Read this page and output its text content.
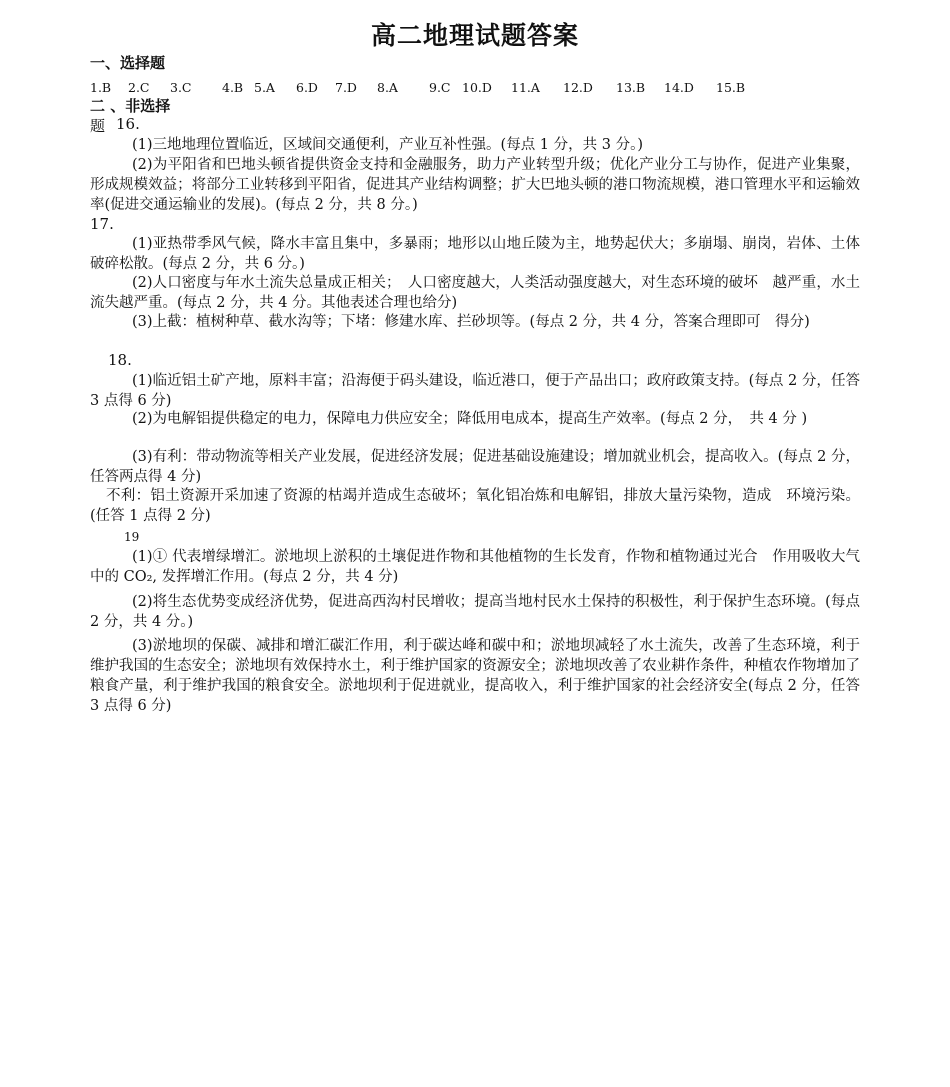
高二地理试题答案
一、选择题
1.B 2.C 3.C 4.B 5.A 6.D 7.D 8.A 9.C 10.D 11.A 12.D 13.B 14.D 15.B
二 、非选择
题 16.

(1)三地地理位置临近，区域间交通便利，产业互补性强。(每点 1 分，共 3 分。)

(2)为平阳省和巴地头顿省提供资金支持和金融服务，助力产业转型升级；优化产业分工与协作，促进产业集聚，形成规模效益；将部分工业转移到平阳省，促进其产业结构调整；扩大巴地头顿的港口物流规模，港口管理水平和运输效率(促进交通运输业的发展)。(每点 2 分，共 8 分。)

17.

(1)亚热带季风气候，降水丰富且集中，多暴雨；地形以山地丘陵为主，地势起伏大；多崩塌、崩岗，岩体、土体破碎松散。(每点 2 分，共 6 分。)

(2)人口密度与年水土流失总量成正相关；　人口密度越大，人类活动强度越大，对生态环境的破坏　越严重，水土流失越严重。(每点 2 分，共 4 分。其他表述合理也给分)

(3)上截：植树种草、截水沟等；下堵：修建水库、拦砂坝等。(每点 2 分，共 4 分，答案合理即可　得分)

18.

(1)临近铝土矿产地，原料丰富；沿海便于码头建设，临近港口，便于产品出口；政府政策支持。(每点 2 分，任答 3 点得 6 分)

(2)为电解铝提供稳定的电力，保障电力供应安全；降低用电成本，提高生产效率。(每点 2 分，　共 4 分 )

(3)有利：带动物流等相关产业发展，促进经济发展；促进基础设施建设；增加就业机会，提高收入。(每点 2 分，任答两点得 4 分)

不利：铝土资源开采加速了资源的枯竭并造成生态破坏；氧化铝冶炼和电解铝，排放大量污染物，造成　环境污染。(任答 1 点得 2 分)

19

(1)① 代表增绿增汇。淤地坝上淤积的土壤促进作物和其他植物的生长发育，作物和植物通过光合　作用吸收大气中的 CO₂, 发挥增汇作用。(每点 2 分，共 4 分)

(2)将生态优势变成经济优势，促进高西沟村民增收；提高当地村民水土保持的积极性，利于保护生态环境。(每点 2 分，共 4 分。)

(3)淤地坝的保碳、减排和增汇碳汇作用，利于碳达峰和碳中和；淤地坝减轻了水土流失，改善了生态环境，利于维护我国的生态安全；淤地坝有效保持水土，利于维护国家的资源安全；淤地坝改善了农业耕作条件，种植农作物增加了粮食产量，利于维护我国的粮食安全。淤地坝利于促进就业，提高收入，利于维护国家的社会经济安全(每点 2 分，任答 3 点得 6 分)
